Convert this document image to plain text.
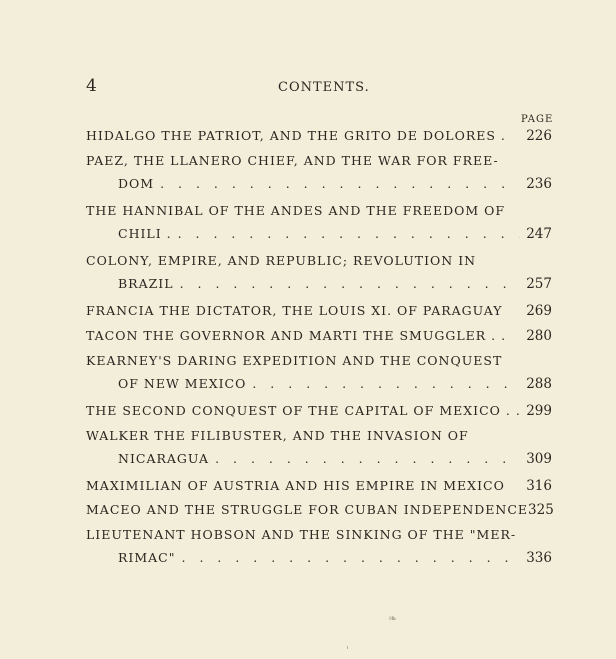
4	CONTENTS.
PAGE
HIDALGO THE PATRIOT, AND THE GRITO DE DOLORES . 226
PAEZ, THE LLANERO CHIEF, AND THE WAR FOR FREE-
DOM . . .	236
THE HANNIBAL OF THE ANDES AND THE FREEDOM OF
CHILI . . . .	247
COLONY, EMPIRE, AND REPUBLIC; REVOLUTION IN
BRAZIL . . .	257
FRANCIA THE DICTATOR, THE LOUIS XI. OF PARAGUAY 269
TACON THE GOVERNOR AND MARTI THE SMUGGLER . . 280
KEARNEY'S DARING EXPEDITION AND THE CONQUEST
OF NEW MEXICO . . .	288
THE SECOND CONQUEST OF THE CAPITAL OF MEXICO . . 299
WALKER THE FILIBUSTER, AND THE INVASION OF
NICARAGUA . . .	309
MAXIMILIAN OF AUSTRIA AND HIS EMPIRE IN MEXICO 316
MACEO AND THE STRUGGLE FOR CUBAN INDEPENDENCE 325
LIEUTENANT HOBSON AND THE SINKING OF THE "MER-
RIMAC" . . .	336
❧
'
